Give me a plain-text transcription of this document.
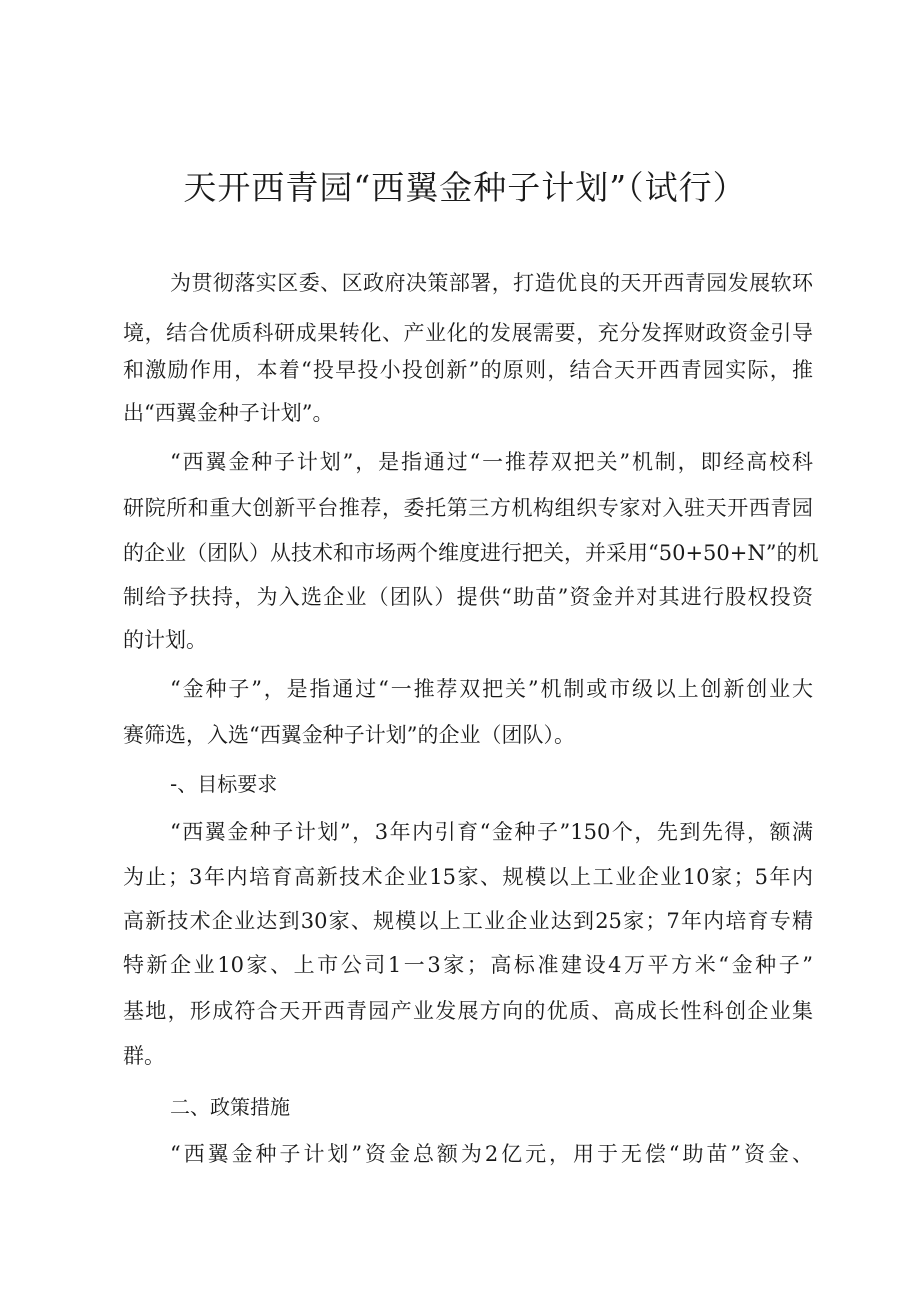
天开西青园“西翼金种子计划”（试行）

为贯彻落实区委、区政府决策部署，打造优良的天开西青园发展软环

境，结合优质科研成果转化、产业化的发展需要，充分发挥财政资金引导

和激励作用，本着“投早投小投创新”的原则，结合天开西青园实际，推

出“西翼金种子计划”。

“西翼金种子计划”，是指通过“一推荐双把关”机制，即经高校科

研院所和重大创新平台推荐，委托第三方机构组织专家对入驻天开西青园

的企业（团队）从技术和市场两个维度进行把关，并采用“50+50+N”的机

制给予扶持，为入选企业（团队）提供“助苗”资金并对其进行股权投资

的计划。

“金种子”，是指通过“一推荐双把关”机制或市级以上创新创业大

赛筛选，入选“西翼金种子计划”的企业（团队）。

-、目标要求

“西翼金种子计划”，3年内引育“金种子”150个，先到先得，额满

为止；3年内培育高新技术企业15家、规模以上工业企业10家；5年内

高新技术企业达到30家、规模以上工业企业达到25家；7年内培育专精

特新企业10家、上市公司1一3家；高标准建设4万平方米“金种子”

基地，形成符合天开西青园产业发展方向的优质、高成长性科创企业集

群。

二、政策措施

“西翼金种子计划”资金总额为2亿元，用于无偿“助苗”资金、
